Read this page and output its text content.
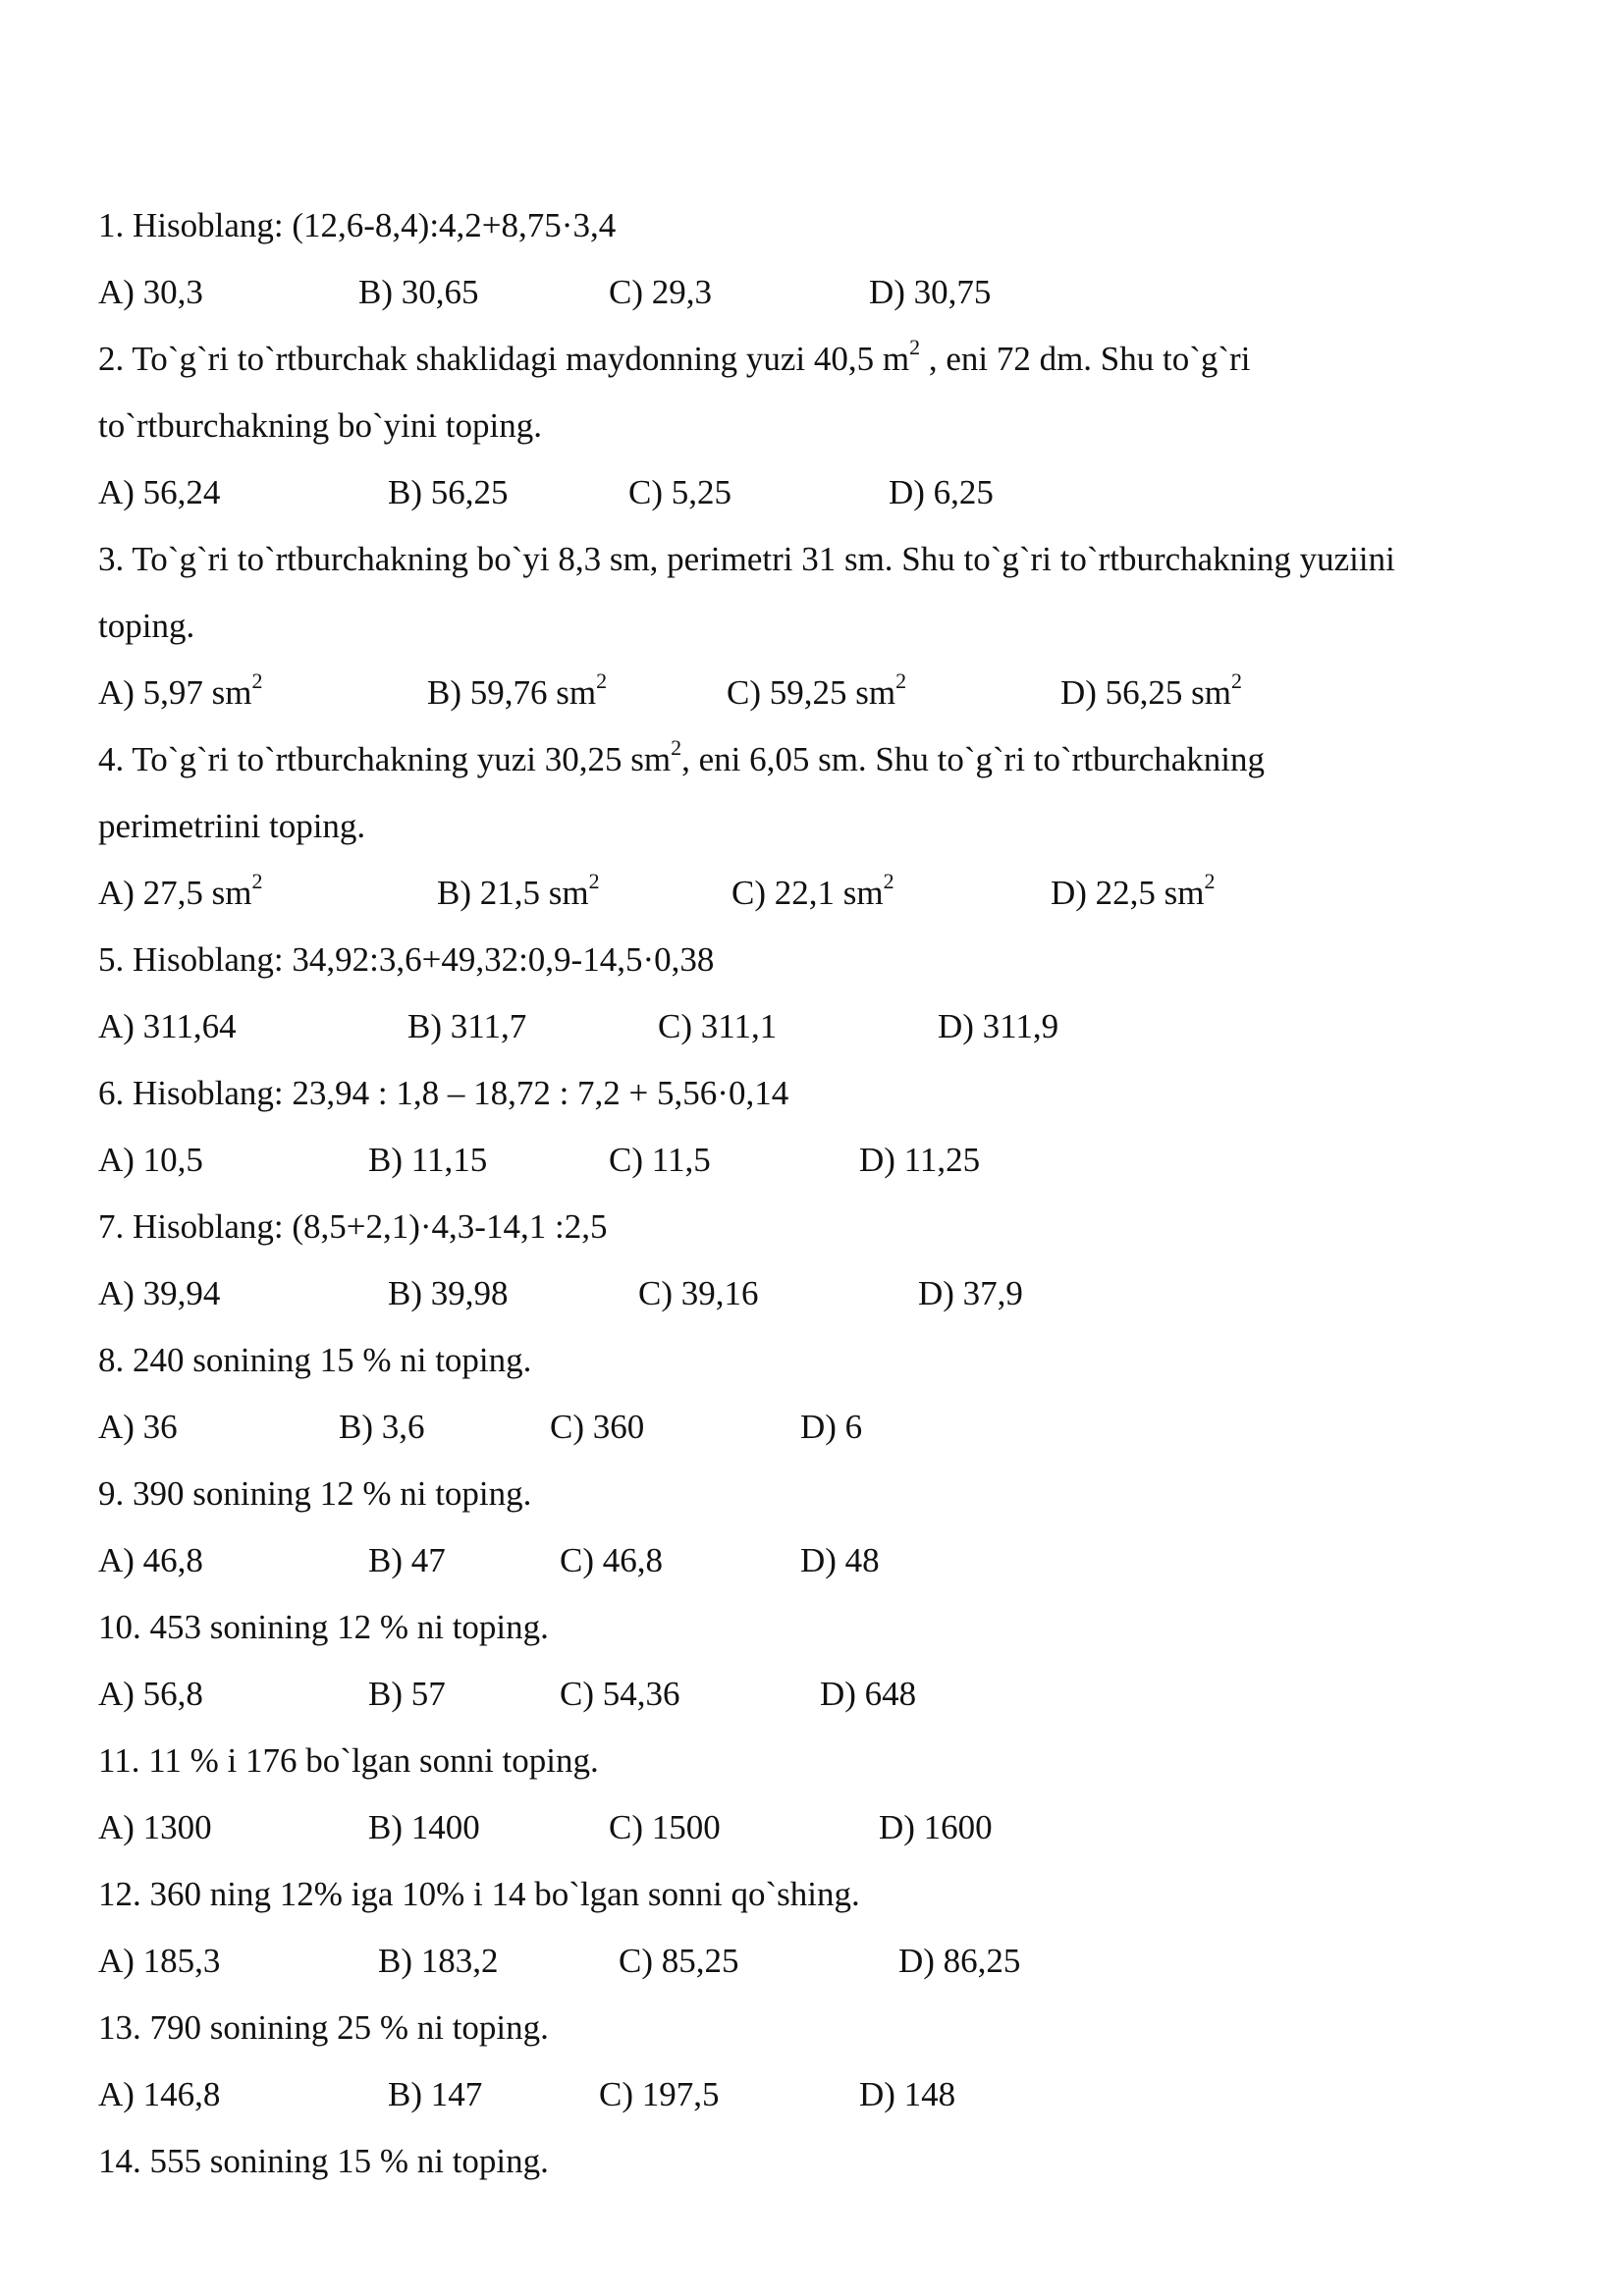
1. Hisoblang: (12,6-8,4):4,2+8,75·3,4
A) 30,3	B) 30,65	C) 29,3	D) 30,75
2. To`g`ri to`rtburchak shaklidagi maydonning yuzi 40,5 $m^2$ , eni 72 dm. Shu to`g`ri
to`rtburchakning bo`yini toping.
A) 56,24	B) 56,25	C) 5,25	D) 6,25
3. To`g`ri to`rtburchakning bo`yi 8,3 sm, perimetri 31 sm. Shu to`g`ri to`rtburchakning yuziini
toping.
A) 5,97 $sm^2$	B) 59,76 $sm^2$	C) 59,25 $sm^2$	D) 56,25 $sm^2$
4. To`g`ri to`rtburchakning yuzi 30,25 $sm^2$, eni 6,05 sm. Shu to`g`ri to`rtburchakning
perimetriini toping.
A) 27,5 $sm^2$	B) 21,5 $sm^2$	C) 22,1 $sm^2$	D) 22,5 $sm^2$
5. Hisoblang: 34,92:3,6+49,32:0,9-14,5·0,38
A) 311,64	B) 311,7	C) 311,1	D) 311,9
6. Hisoblang: 23,94 : 1,8 – 18,72 : 7,2 + 5,56·0,14
A) 10,5	B) 11,15	C) 11,5	D) 11,25
7. Hisoblang: (8,5+2,1)·4,3-14,1 :2,5
A) 39,94	B) 39,98	C) 39,16	D) 37,9
8. 240 sonining 15 % ni toping.
A) 36	B) 3,6	C) 360	D) 6
9. 390 sonining 12 % ni toping.
A) 46,8	B) 47	C) 46,8	D) 48
10. 453 sonining 12 % ni toping.
A) 56,8	B) 57	C) 54,36	D) 648
11. 11 % i 176 bo`lgan sonni toping.
A) 1300	B) 1400	C) 1500	D) 1600
12. 360 ning 12% iga 10% i 14 bo`lgan sonni qo`shing.
A) 185,3	B) 183,2	C) 85,25	D) 86,25
13. 790 sonining 25 % ni toping.
A) 146,8	B) 147	C) 197,5	D) 148
14. 555 sonining 15 % ni toping.
